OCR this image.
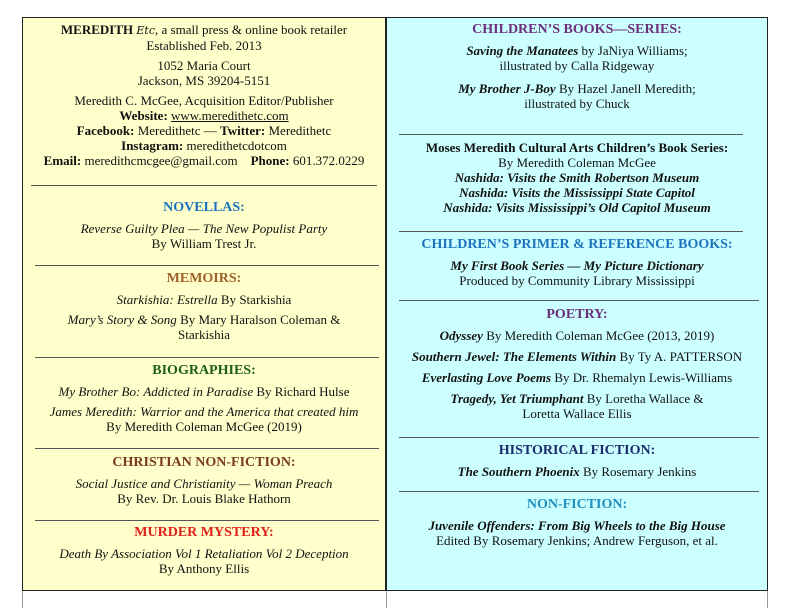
MEREDITH Etc, a small press & online book retailer
Established Feb. 2013
1052 Maria Court
Jackson, MS 39204-5151
Meredith C. McGee, Acquisition Editor/Publisher
Website: www.meredithetc.com
Facebook: Meredithetc — Twitter: Meredithetc
Instagram: meredithetcdotcom
Email: meredithcmcgee@gmail.com Phone: 601.372.0229
NOVELLAS:
Reverse Guilty Plea — The New Populist Party
By William Trest Jr.
MEMOIRS:
Starkishia: Estrella By Starkishia
Mary’s Story & Song By Mary Haralson Coleman &
Starkishia
BIOGRAPHIES:
My Brother Bo: Addicted in Paradise By Richard Hulse
James Meredith: Warrior and the America that created him
By Meredith Coleman McGee (2019)
CHRISTIAN NON-FICTION:
Social Justice and Christianity — Woman Preach
By Rev. Dr. Louis Blake Hathorn
MURDER MYSTERY:
Death By Association Vol 1 Retaliation Vol 2 Deception
By Anthony Ellis
CHILDREN’S BOOKS—SERIES:
Saving the Manatees by JaNiya Williams;
illustrated by Calla Ridgeway
My Brother J-Boy By Hazel Janell Meredith;
illustrated by Chuck
Moses Meredith Cultural Arts Children’s Book Series:
By Meredith Coleman McGee
Nashida: Visits the Smith Robertson Museum
Nashida: Visits the Mississippi State Capitol
Nashida: Visits Mississippi’s Old Capitol Museum
CHILDREN’S PRIMER & REFERENCE BOOKS:
My First Book Series — My Picture Dictionary
Produced by Community Library Mississippi
POETRY:
Odyssey By Meredith Coleman McGee (2013, 2019)
Southern Jewel: The Elements Within By Ty A. PATTERSON
Everlasting Love Poems By Dr. Rhemalyn Lewis-Williams
Tragedy, Yet Triumphant By Loretha Wallace &
Loretta Wallace Ellis
HISTORICAL FICTION:
The Southern Phoenix By Rosemary Jenkins
NON-FICTION:
Juvenile Offenders: From Big Wheels to the Big House
Edited By Rosemary Jenkins; Andrew Ferguson, et al.
